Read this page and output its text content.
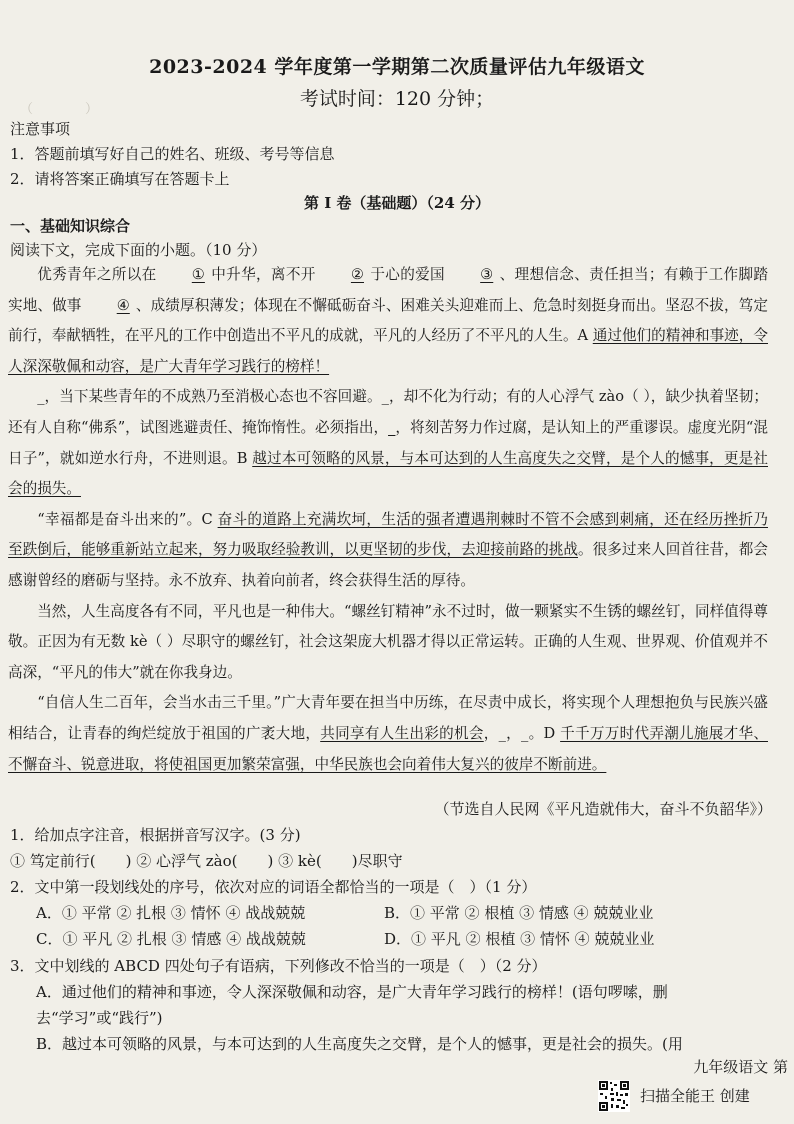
（　　　　）
2023-2024 学年度第一学期第二次质量评估九年级语文
考试时间：120 分钟；
注意事项
1．答题前填写好自己的姓名、班级、考号等信息
2．请将答案正确填写在答题卡上
第 I 卷（基础题）（24 分）
一、基础知识综合
阅读下文，完成下面的小题。（10 分）

优秀青年之所以在 ① 中升华，离不开 ② 于心的爱国 ③ 、理想信念、责任担当；有赖于工作脚踏实地、做事 ④ 、成绩厚积薄发；体现在不懈砥砺奋斗、困难关头迎难而上、危急时刻挺身而出。坚忍不拔，笃定前行，奉献牺牲，在平凡的工作中创造出不平凡的成就，平凡的人经历了不平凡的人生。A 通过他们的精神和事迹，令人深深敬佩和动容，是广大青年学习践行的榜样！

_，当下某些青年的不成熟乃至消极心态也不容回避。_，却不化为行动；有的人心浮气 zào（ ），缺少执着坚韧；还有人自称“佛系”，试图逃避责任、掩饰惰性。必须指出，_，将刻苦努力作过腐，是认知上的严重谬误。虚度光阴“混日子”，就如逆水行舟，不进则退。B 越过本可领略的风景，与本可达到的人生高度失之交臂，是个人的憾事，更是社会的损失。

“幸福都是奋斗出来的”。C 奋斗的道路上充满坎坷，生活的强者遭遇荆棘时不管不会感到刺痛，还在经历挫折乃至跌倒后，能够重新站立起来，努力吸取经验教训，以更坚韧的步伐，去迎接前路的挑战。很多过来人回首往昔，都会感谢曾经的磨砺与坚持。永不放弃、执着向前者，终会获得生活的厚待。

当然，人生高度各有不同，平凡也是一种伟大。“螺丝钉精神”永不过时，做一颗紧实不生锈的螺丝钉，同样值得尊敬。正因为有无数 kè（ ）尽职守的螺丝钉，社会这架庞大机器才得以正常运转。正确的人生观、世界观、价值观并不高深，“平凡的伟大”就在你我身边。

“自信人生二百年，会当水击三千里。”广大青年要在担当中历练，在尽责中成长，将实现个人理想抱负与民族兴盛相结合，让青春的绚烂绽放于祖国的广袤大地，共同享有人生出彩的机会，_，_。D 千千万万时代弄潮儿施展才华、不懈奋斗、锐意进取，将使祖国更加繁荣富强，中华民族也会向着伟大复兴的彼岸不断前进。

（节选自人民网《平凡造就伟大，奋斗不负韶华》）
1．给加点字注音，根据拼音写汉字。(3 分)
① 笃定前行(　　) ② 心浮气 zào(　　) ③ kè(　　)尽职守
2．文中第一段划线处的序号，依次对应的词语全都恰当的一项是（　）（1 分）
A．① 平常 ② 扎根 ③ 情怀 ④ 战战兢兢	B．① 平常 ② 根植 ③ 情感 ④ 兢兢业业
C．① 平凡 ② 扎根 ③ 情感 ④ 战战兢兢	D．① 平凡 ② 根植 ③ 情怀 ④ 兢兢业业
3．文中划线的 ABCD 四处句子有语病，下列修改不恰当的一项是（　）（2 分）
A．通过他们的精神和事迹，令人深深敬佩和动容，是广大青年学习践行的榜样！(语句啰嗦，删
去“学习”或“践行”)
B．越过本可领略的风景，与本可达到的人生高度失之交臂，是个人的憾事，更是社会的损失。(用
九年级语文 第
扫描全能王 创建
